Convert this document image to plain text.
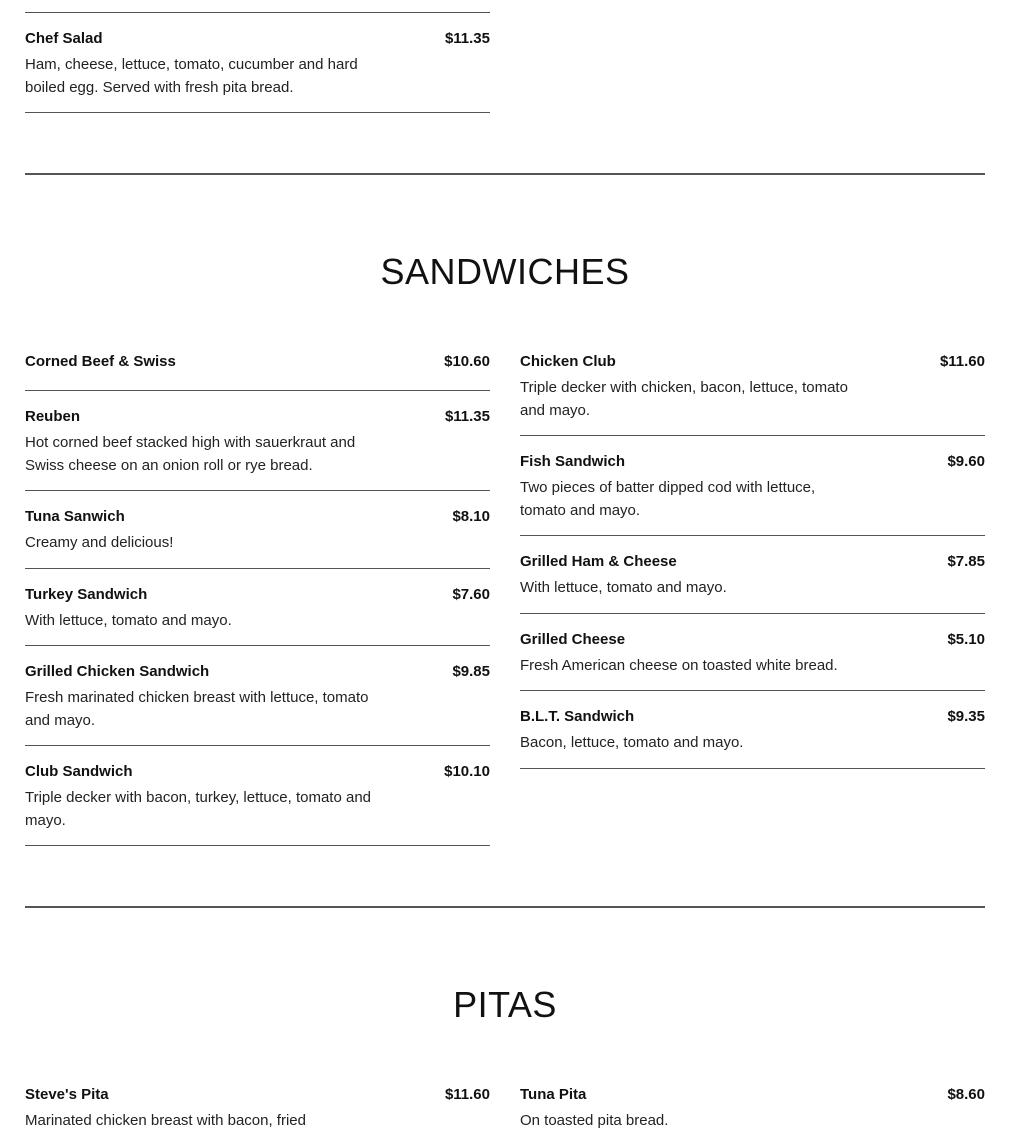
Chef Salad	$11.35
Ham, cheese, lettuce, tomato, cucumber and hard boiled egg. Served with fresh pita bread.
SANDWICHES
Corned Beef & Swiss	$10.60
Reuben	$11.35
Hot corned beef stacked high with sauerkraut and Swiss cheese on an onion roll or rye bread.
Tuna Sanwich	$8.10
Creamy and delicious!
Turkey Sandwich	$7.60
With lettuce, tomato and mayo.
Grilled Chicken Sandwich	$9.85
Fresh marinated chicken breast with lettuce, tomato and mayo.
Club Sandwich	$10.10
Triple decker with bacon, turkey, lettuce, tomato and mayo.
Chicken Club	$11.60
Triple decker with chicken, bacon, lettuce, tomato and mayo.
Fish Sandwich	$9.60
Two pieces of batter dipped cod with lettuce, tomato and mayo.
Grilled Ham & Cheese	$7.85
With lettuce, tomato and mayo.
Grilled Cheese	$5.10
Fresh American cheese on toasted white bread.
B.L.T. Sandwich	$9.35
Bacon, lettuce, tomato and mayo.
PITAS
Steve's Pita	$11.60
Marinated chicken breast with bacon, fried
Tuna Pita	$8.60
On toasted pita bread.
